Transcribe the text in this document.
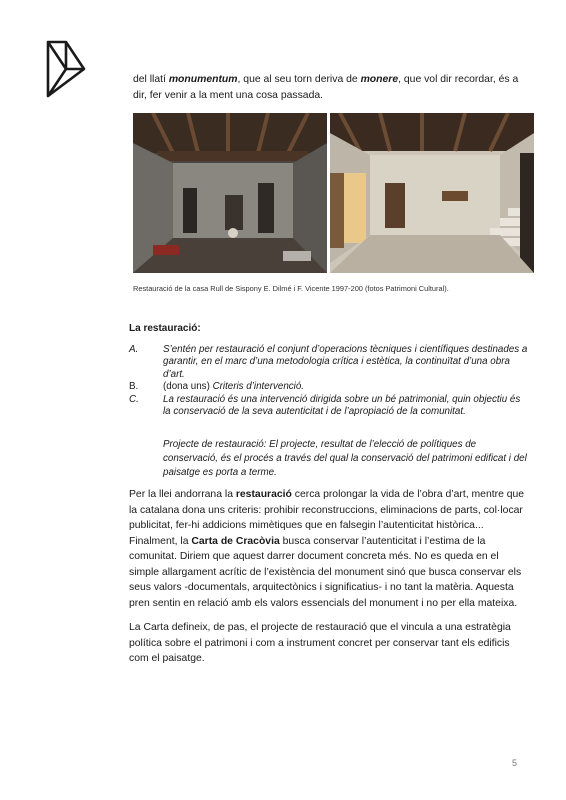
del llatí monumentum, que al seu torn deriva de monere, que vol dir recordar, és a dir, fer venir a la ment una cosa passada.

Restauració de la casa Rull de Sispony E. Dilmé i F. Vicente 1997-200 (fotos Patrimoni Cultural).
La restauració:
A.	S’entén per restauració el conjunt d’operacions tècniques i científiques destinades a garantir, en el marc d’una metodologia crítica i estètica, la continuïtat d’una obra d’art.
B.	(dona uns) Criteris d’intervenció.
C. La restauració és una intervenció dirigida sobre un bé patrimonial, quin objectiu és la conservació de la seva autenticitat i de l’apropiació de la comunitat.
Projecte de restauració: El projecte, resultat de l’elecció de polítiques de conservació, és el procés a través del qual la conservació del patrimoni edificat i del paisatge es porta a terme.

Per la llei andorrana la restauració cerca prolongar la vida de l’obra d’art, mentre que la catalana dona uns criteris: prohibir reconstruccions, eliminacions de parts, col·locar publicitat, fer-hi addicions mimètiques que en falsegin l’autenticitat històrica... Finalment, la Carta de Cracòvia busca conservar l’autenticitat i l’estima de la comunitat. Diriem que aquest darrer document concreta més. No es queda en el simple allargament acrític de l’existència del monument sinó que busca conservar els seus valors -documentals, arquitectònics i significatius- i no tant la matèria. Aquesta pren sentin en relació amb els valors essencials del monument i no per ella mateixa.

La Carta defineix, de pas, el projecte de restauració que el vincula a una estratègia política sobre el patrimoni i com a instrument concret per conservar tant els edificis com el paisatge.

5
